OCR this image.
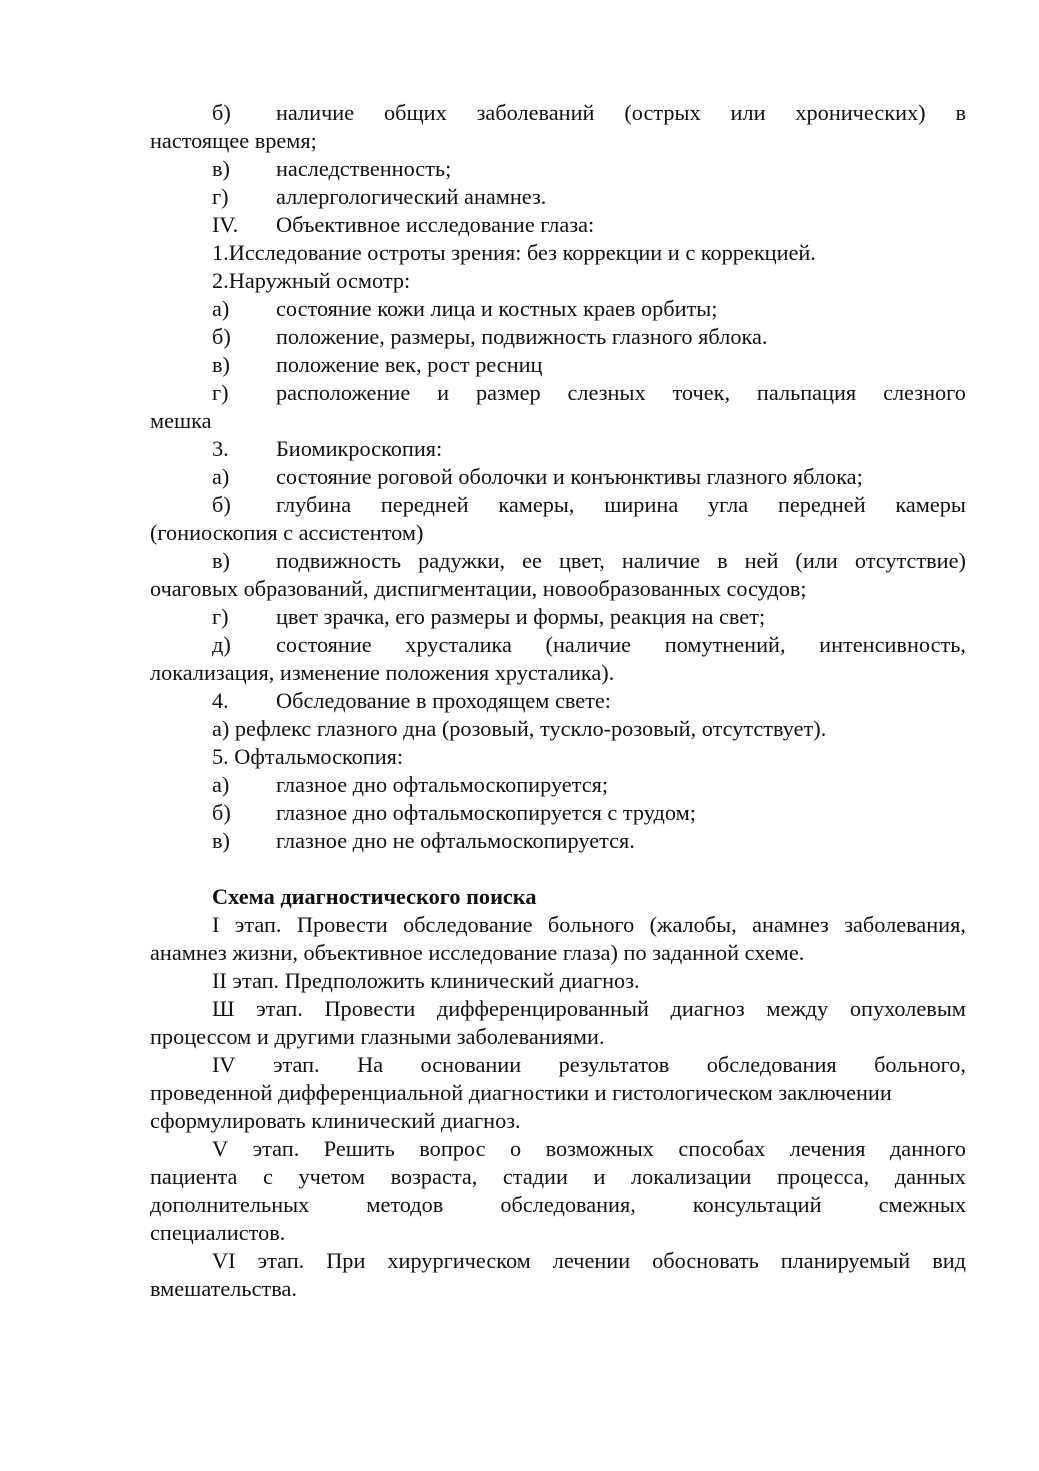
б)	наличие общих заболеваний (острых или хронических) в
настоящее время;
в)	наследственность;
г)	аллергологический анамнез.
IV.	Объективное исследование глаза:
1.Исследование остроты зрения: без коррекции и с коррекцией.
2.Наружный осмотр:
а)	состояние кожи лица и костных краев орбиты;
б)	положение, размеры, подвижность глазного яблока.
в)	положение век, рост ресниц
г)	расположение и размер слезных точек, пальпация слезного
мешка
3.	Биомикроскопия:
а)	состояние роговой оболочки и конъюнктивы глазного яблока;
б)	глубина передней камеры, ширина угла передней камеры
(гониоскопия с ассистентом)
в)	подвижность радужки, ее цвет, наличие в ней (или отсутствие)
очаговых образований, диспигментации, новообразованных сосудов;
г)	цвет зрачка, его размеры и формы, реакция на свет;
д)	состояние хрусталика (наличие помутнений, интенсивность,
локализация, изменение положения хрусталика).
4.	Обследование в проходящем свете:
а) рефлекс глазного дна (розовый, тускло-розовый, отсутствует).
5. Офтальмоскопия:
а)	глазное дно офтальмоскопируется;
б)	глазное дно офтальмоскопируется с трудом;
в)	глазное дно не офтальмоскопируется.
Схема диагностического поиска
I этап. Провести обследование больного (жалобы, анамнез заболевания,
анамнез жизни, объективное исследование глаза) по заданной схеме.
II этап. Предположить клинический диагноз.
Ш этап. Провести дифференцированный диагноз между опухолевым
процессом и другими глазными заболеваниями.
IV этап. На основании результатов обследования больного,
проведенной дифференциальной диагностики и гистологическом заключении
сформулировать клинический диагноз.
V этап. Решить вопрос о возможных способах лечения данного
пациента с учетом возраста, стадии и локализации процесса, данных
дополнительных	методов	обследования,	консультаций	смежных
специалистов.
VI этап. При хирургическом лечении обосновать планируемый вид
вмешательства.
